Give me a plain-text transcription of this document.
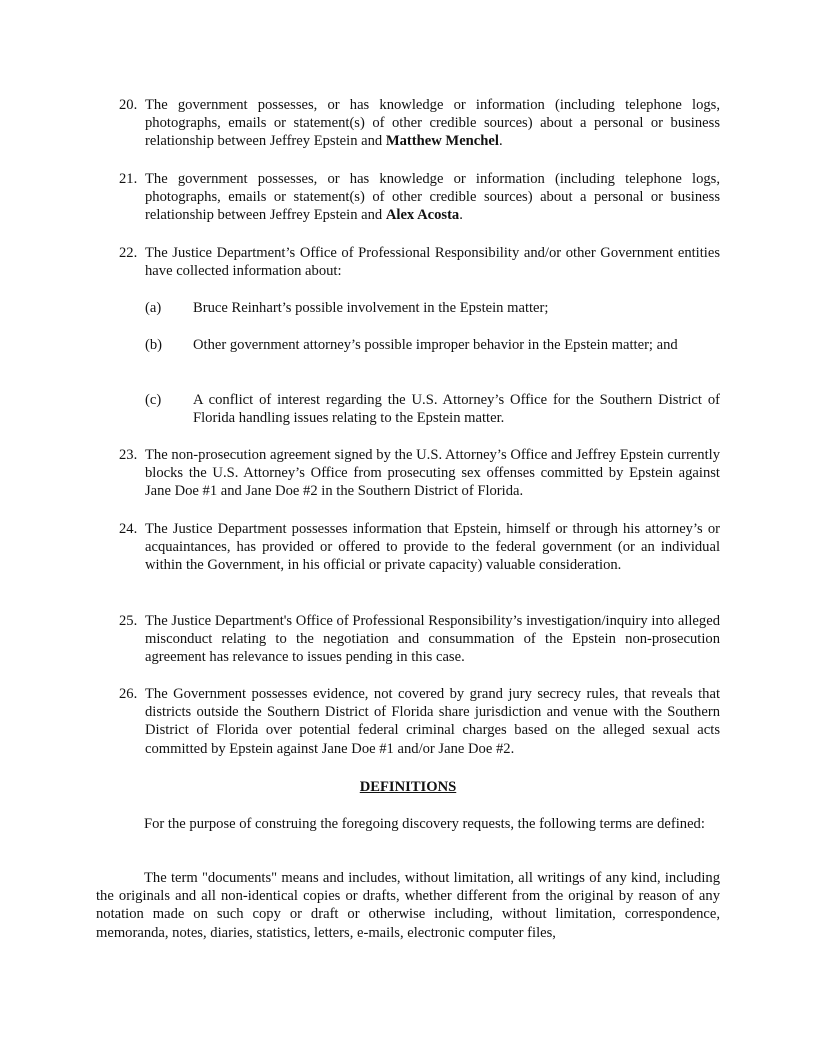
20. The government possesses, or has knowledge or information (including telephone logs, photographs, emails or statement(s) of other credible sources) about a personal or business relationship between Jeffrey Epstein and Matthew Menchel.
21. The government possesses, or has knowledge or information (including telephone logs, photographs, emails or statement(s) of other credible sources) about a personal or business relationship between Jeffrey Epstein and Alex Acosta.
22. The Justice Department’s Office of Professional Responsibility and/or other Government entities have collected information about:
(a)	Bruce Reinhart’s possible involvement in the Epstein matter;
(b)	Other government attorney’s possible improper behavior in the Epstein matter; and
(c)	A conflict of interest regarding the U.S. Attorney’s Office for the Southern District of Florida handling issues relating to the Epstein matter.
23. The non-prosecution agreement signed by the U.S. Attorney’s Office and Jeffrey Epstein currently blocks the U.S. Attorney’s Office from prosecuting sex offenses committed by Epstein against Jane Doe #1 and Jane Doe #2 in the Southern District of Florida.
24. The Justice Department possesses information that Epstein, himself or through his attorney’s or acquaintances, has provided or offered to provide to the federal government (or an individual within the Government, in his official or private capacity) valuable consideration.
25. The Justice Department's Office of Professional Responsibility’s investigation/inquiry into alleged misconduct relating to the negotiation and consummation of the Epstein non-prosecution agreement has relevance to issues pending in this case.
26. The Government possesses evidence, not covered by grand jury secrecy rules, that reveals that districts outside the Southern District of Florida share jurisdiction and venue with the Southern District of Florida over potential federal criminal charges based on the alleged sexual acts committed by Epstein against Jane Doe #1 and/or Jane Doe #2.
DEFINITIONS
For the purpose of construing the foregoing discovery requests, the following terms are defined:
The term "documents" means and includes, without limitation, all writings of any kind, including the originals and all non-identical copies or drafts, whether different from the original by reason of any notation made on such copy or draft or otherwise including, without limitation, correspondence, memoranda, notes, diaries, statistics, letters, e-mails, electronic computer files,
